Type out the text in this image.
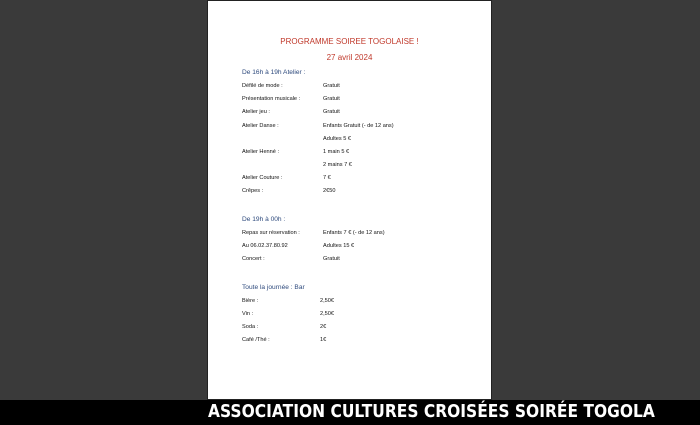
PROGRAMME SOIREE TOGOLAISE !
27 avril 2024
De 16h à 19h Atelier :
Défilé de mode :	Gratuit
Présentation musicale :	Gratuit
Atelier jeu :	Gratuit
Atelier Danse :	Enfants Gratuit (- de 12 ans)
Adultes 5 €
Atelier Henné :	1 main 5 €
2 mains 7 €
Atelier Couture :	7 €
Crêpes :	2€50
De 19h à 00h :
Repas sur réservation :	Enfants 7 € (- de 12 ans)
Au 06.02.37.80.92	Adultes 15 €
Concert :	Gratuit
Toute la journée : Bar
Bière :	2,50€
Vin :	2,50€
Soda :	2€
Café /Thé :	1€
ASSOCIATION CULTURES CROISÉES SOIRÉE TOGOLA
